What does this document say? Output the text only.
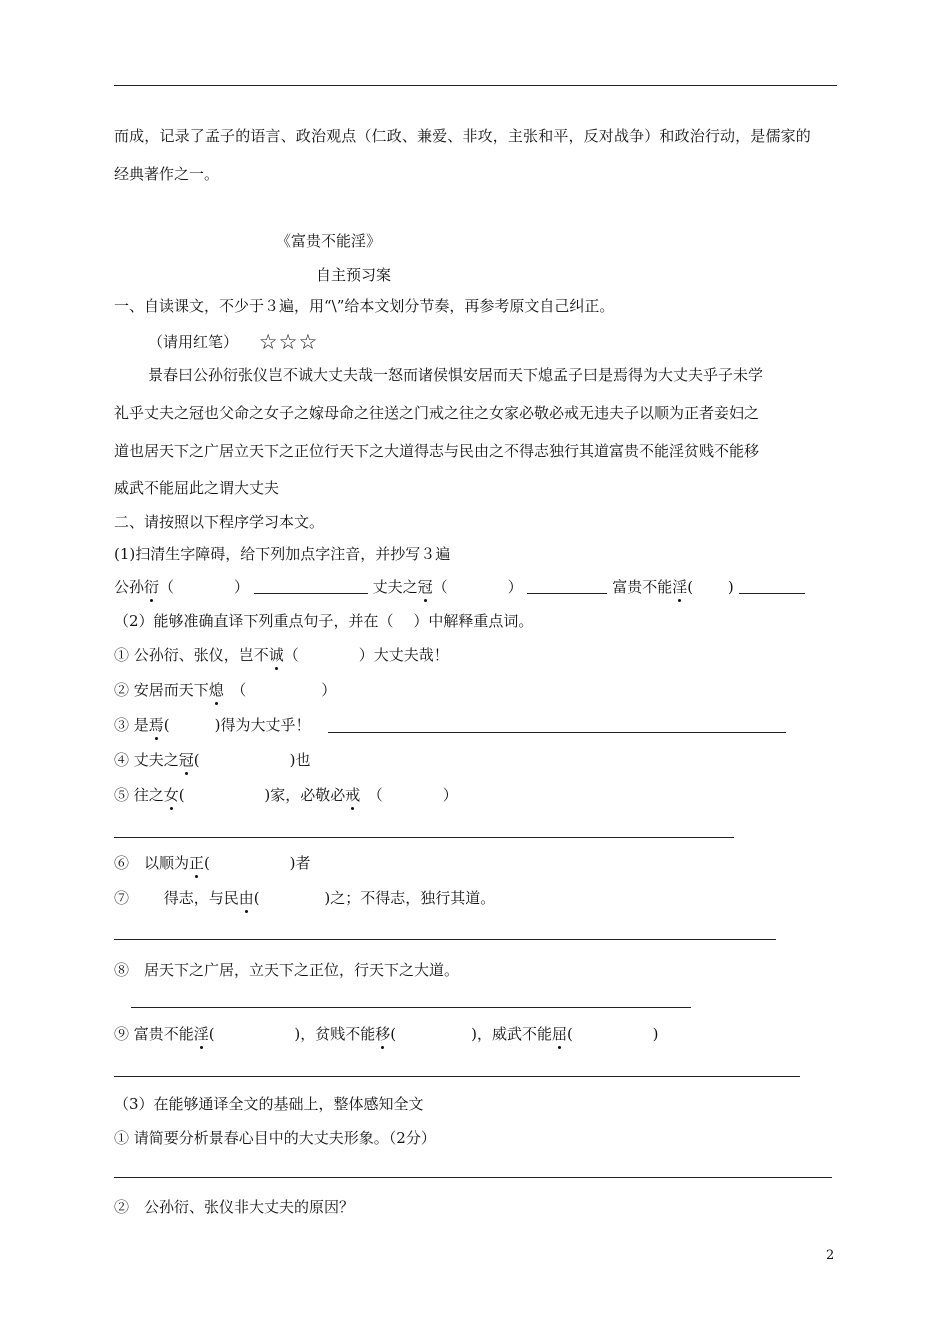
而成，记录了孟子的语言、政治观点（仁政、兼爱、非攻，主张和平，反对战争）和政治行动，是儒家的
经典著作之一。
《富贵不能淫》
自主预习案
一、自读课文，不少于３遍，用“\”给本文划分节奏，再参考原文自己纠正。
（请用红笔） ☆☆☆
景春曰公孙衍张仪岂不诚大丈夫哉一怒而诸侯惧安居而天下熄孟子曰是焉得为大丈夫乎子未学
礼乎丈夫之冠也父命之女子之嫁母命之往送之门戒之往之女家必敬必戒无违夫子以顺为正者妾妇之
道也居天下之广居立天下之正位行天下之大道得志与民由之不得志独行其道富贵不能淫贫贱不能移
威武不能屈此之谓大丈夫
二、请按照以下程序学习本文。
(1)扫清生字障碍，给下列加点字注音，并抄写３遍
公孙衍（　　　　）	丈夫之冠（　　　　）	富贵不能淫(　　 )
（2）能够准确直译下列重点句子，并在（　 ）中解释重点词。
① 公孙衍、张仪，岂不诚（　　　　）大丈夫哉！
② 安居而天下熄　（　　　　　）
③ 是焉(　　　)得为大丈乎！
④ 丈夫之冠(　　　　　　)也
⑤ 往之女(　　　　　 )家，必敬必戒　（　　　　）
⑥　以顺为正(　　　　　 )者
⑦　　 得志，与民由(　　　　 )之；不得志，独行其道。
⑧　居天下之广居，立天下之正位，行天下之大道。
⑨ 富贵不能淫(　　　　　 )，贫贱不能移(　　　　　)，威武不能屈(　　　　　 )
（3）在能够通译全文的基础上，整体感知全文
① 请简要分析景春心目中的大丈夫形象。（2分）
②　公孙衍、张仪非大丈夫的原因？
2
